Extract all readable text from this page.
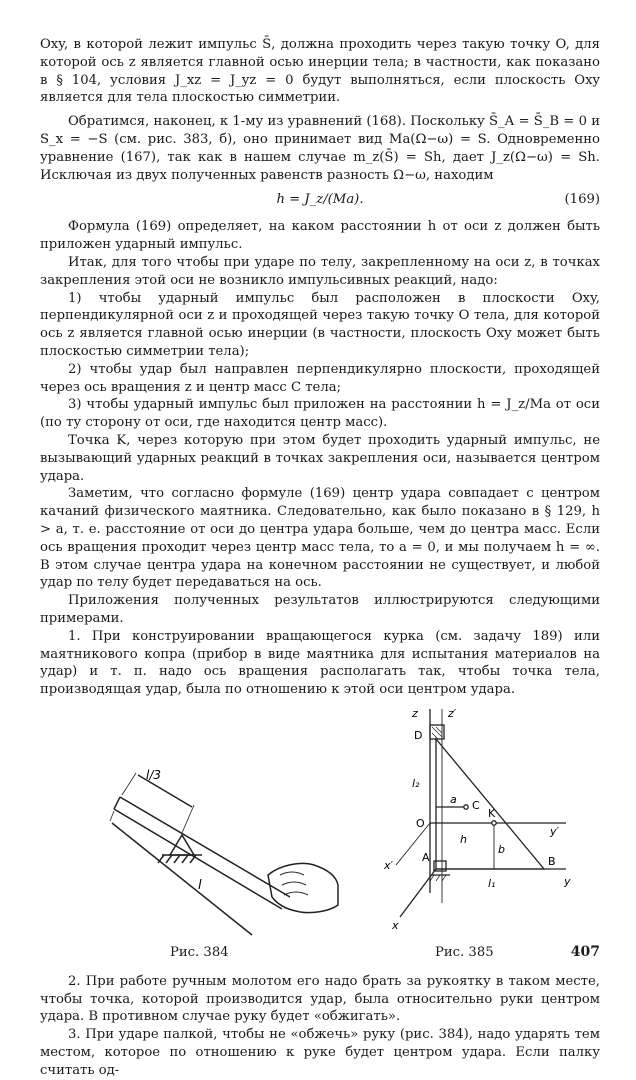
Oxy, в которой лежит импульс S̄, должна проходить через такую точку O, для которой ось z является главной осью инерции тела; в частности, как показано в § 104, условия J_xz = J_yz = 0 будут выполняться, если плоскость Oxy является для тела плоскостью симметрии.

Обратимся, наконец, к 1-му из уравнений (168). Поскольку S̄_A = S̄_B = 0 и S_x = −S (см. рис. 383, б), оно принимает вид Ma(Ω−ω) = S. Одновременно уравнение (167), так как в нашем случае m_z(S̄) = Sh, дает J_z(Ω−ω) = Sh. Исключая из двух полученных равенств разность Ω−ω, находим

h = J_z/(Ma).	(169)

Формула (169) определяет, на каком расстоянии h от оси z должен быть приложен ударный импульс.

Итак, для того чтобы при ударе по телу, закрепленному на оси z, в точках закрепления этой оси не возникло импульсивных реакций, надо:

1) чтобы ударный импульс был расположен в плоскости Oxy, перпендикулярной оси z и проходящей через такую точку O тела, для которой ось z является главной осью инерции (в частности, плоскость Oxy может быть плоскостью симметрии тела);

2) чтобы удар был направлен перпендикулярно плоскости, проходящей через ось вращения z и центр масс C тела;

3) чтобы ударный импульс был приложен на расстоянии h = J_z/Ma от оси (по ту сторону от оси, где находится центр масс).

Точка K, через которую при этом будет проходить ударный импульс, не вызывающий ударных реакций в точках закрепления оси, называется центром удара.

Заметим, что согласно формуле (169) центр удара совпадает с центром качаний физического маятника. Следовательно, как было показано в § 129, h > a, т. е. расстояние от оси до центра удара больше, чем до центра масс. Если ось вращения проходит через центр масс тела, то a = 0, и мы получаем h = ∞. В этом случае центра удара на конечном расстоянии не существует, и любой удар по телу будет передаваться на ось.

Приложения полученных результатов иллюстрируются следующими примерами.

1. При конструировании вращающегося курка (см. задачу 189) или маятникового копра (прибор в виде маятника для испытания материалов на удар) и т. п. надо ось вращения располагать так, чтобы точка тела, производящая удар, была по отношению к этой оси центром удара.

l/3
l
z	z′
D
l₂
a C
O
K
h
b
y′
A	B
l₁
x′
y
x
Рис. 384	Рис. 385

2. При работе ручным молотом его надо брать за рукоятку в таком месте, чтобы точка, которой производится удар, была относительно руки центром удара. В противном случае руку будет «обжигать».

3. При ударе палкой, чтобы не «обжечь» руку (рис. 384), надо ударять тем местом, которое по отношению к руке будет центром удара. Если палку считать од-

407
